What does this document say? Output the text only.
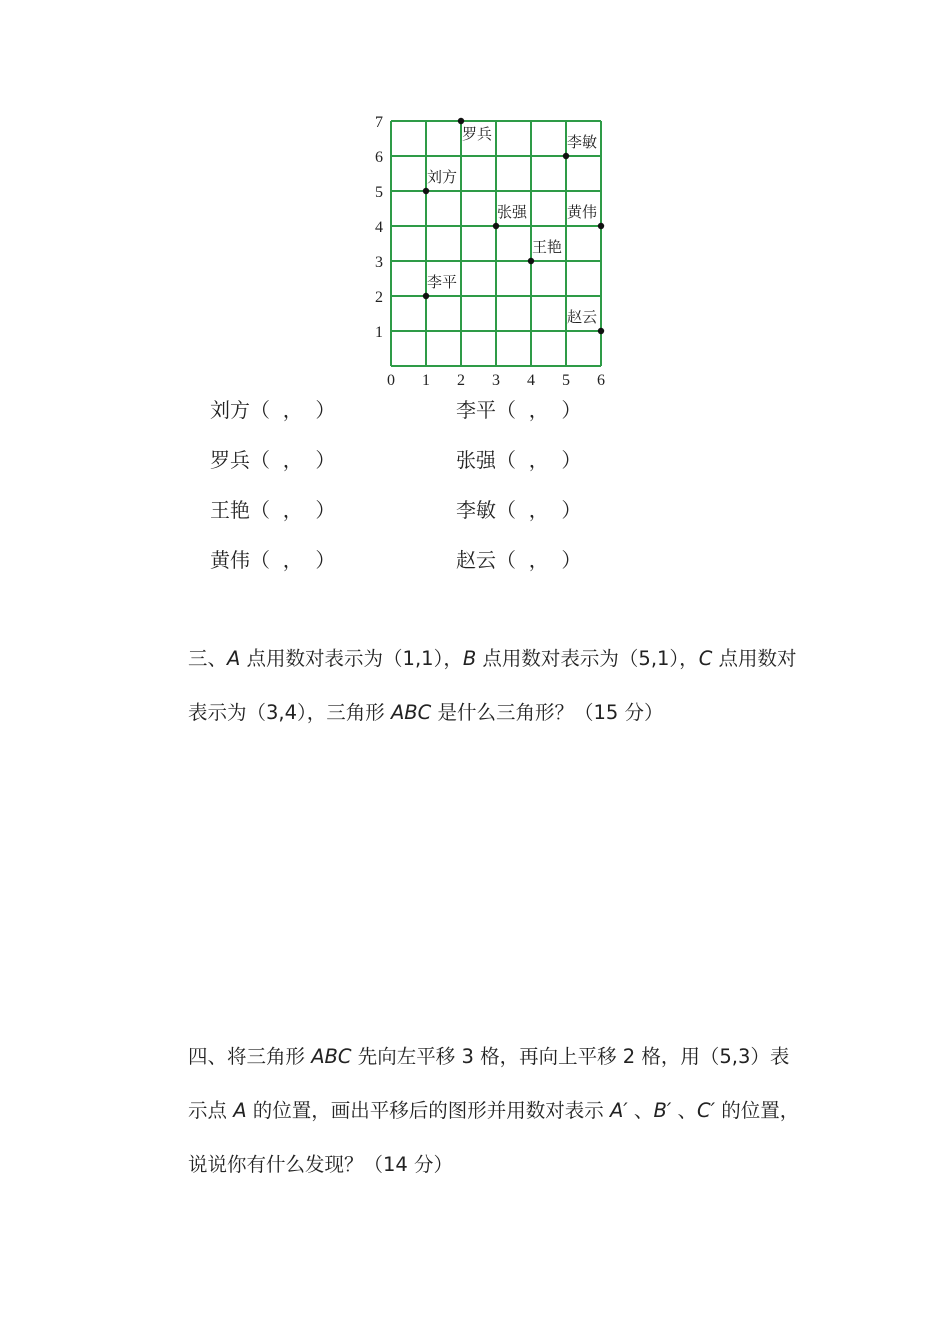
0 1 2 3 4 5 6
1
2
3
4
5
6
7
罗兵	李敏
刘方
张强	黄伟
王艳
李平
赵云
刘方（  ，  ）	李平（  ，  ）
罗兵（  ，  ）	张强（  ，  ）
王艳（  ，  ）	李敏（  ，  ）
黄伟（  ，  ）	赵云（  ，  ）

三、A 点用数对表示为（1,1），B 点用数对表示为（5,1），C 点用数对表示为（3,4），三角形 ABC 是什么三角形？（15 分）

四、将三角形 ABC 先向左平移 3 格，再向上平移 2 格，用（5,3）表示点 A 的位置，画出平移后的图形并用数对表示 A′ 、B′ 、C′ 的位置，说说你有什么发现？（14 分）
